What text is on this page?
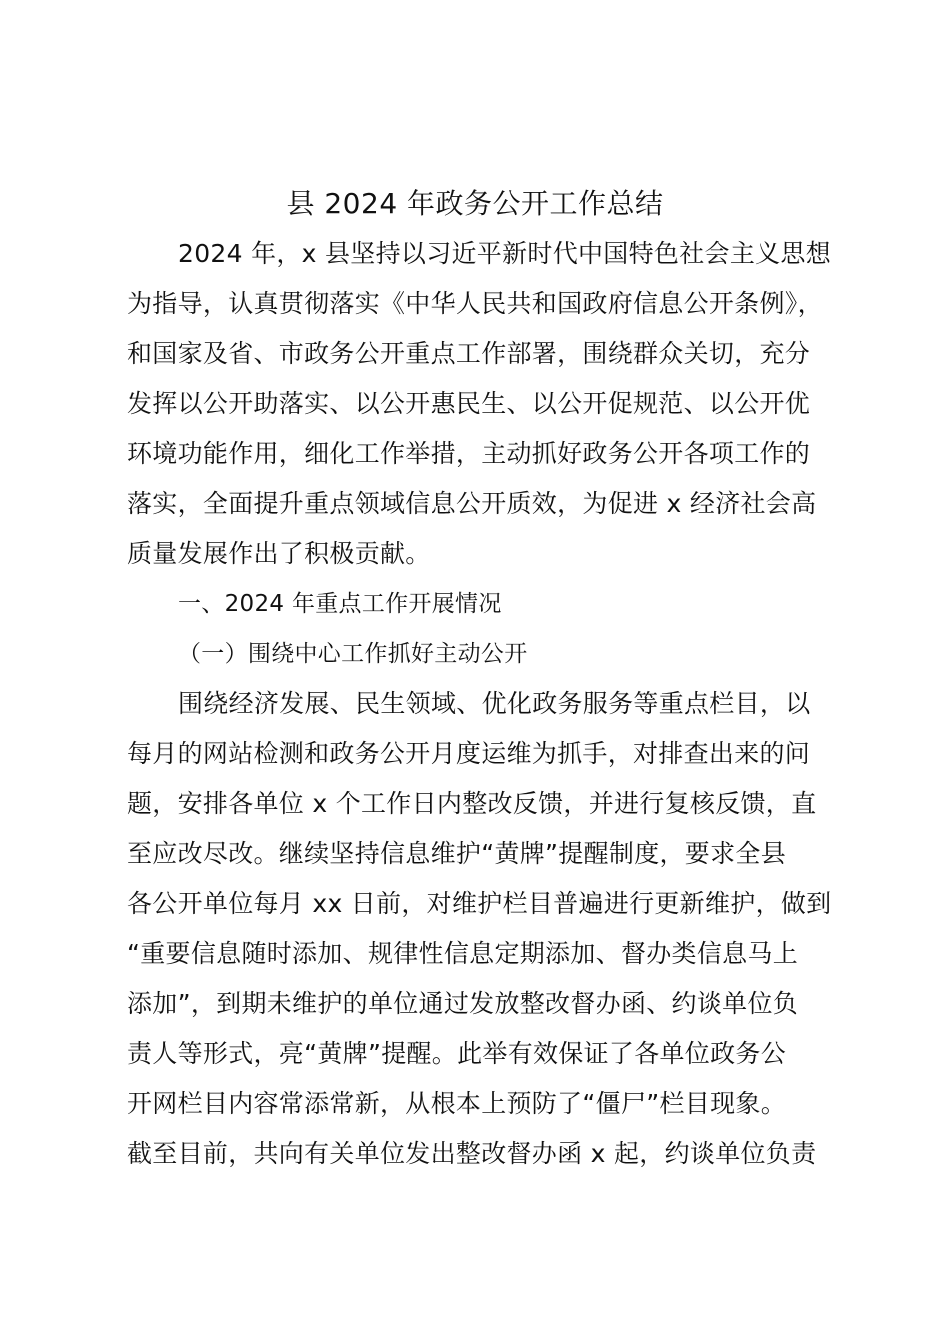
县 2024 年政务公开工作总结
2024 年，x 县坚持以习近平新时代中国特色社会主义思想
为指导，认真贯彻落实《中华人民共和国政府信息公开条例》，
和国家及省、市政务公开重点工作部署，围绕群众关切，充分
发挥以公开助落实、以公开惠民生、以公开促规范、以公开优
环境功能作用，细化工作举措，主动抓好政务公开各项工作的
落实，全面提升重点领域信息公开质效，为促进 x 经济社会高
质量发展作出了积极贡献。
一、2024 年重点工作开展情况
（一）围绕中心工作抓好主动公开
围绕经济发展、民生领域、优化政务服务等重点栏目，以
每月的网站检测和政务公开月度运维为抓手，对排查出来的问
题，安排各单位 x 个工作日内整改反馈，并进行复核反馈，直
至应改尽改。继续坚持信息维护“黄牌”提醒制度，要求全县
各公开单位每月 xx 日前，对维护栏目普遍进行更新维护，做到
“重要信息随时添加、规律性信息定期添加、督办类信息马上
添加”，到期未维护的单位通过发放整改督办函、约谈单位负
责人等形式，亮“黄牌”提醒。此举有效保证了各单位政务公
开网栏目内容常添常新，从根本上预防了“僵尸”栏目现象。
截至目前，共向有关单位发出整改督办函 x 起，约谈单位负责
